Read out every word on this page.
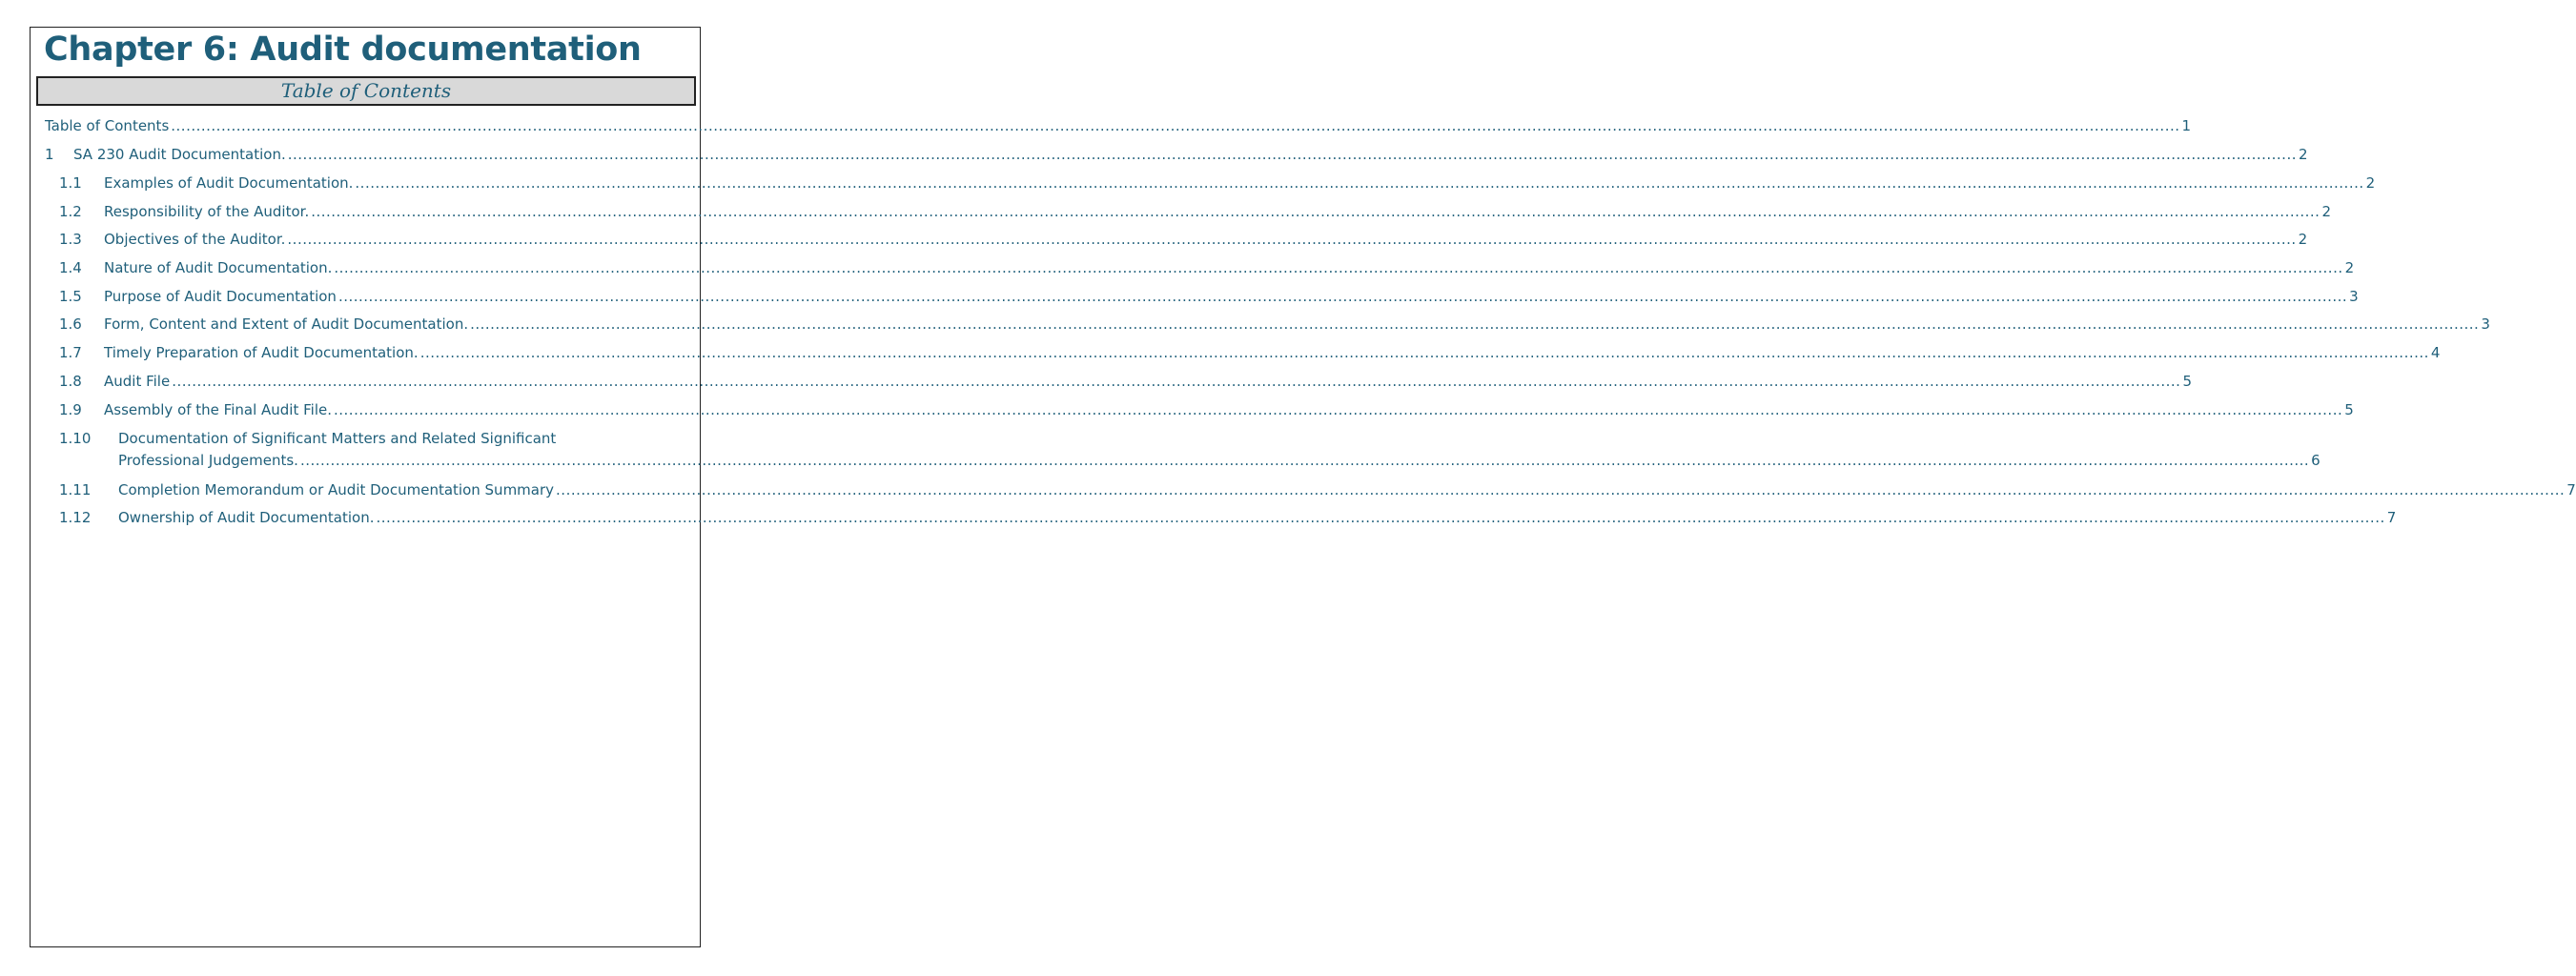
Chapter 6: Audit documentation
Table of Contents
Table of Contents ................................................................................................................................................................................................................................................................................................................................................................................................................ 1
1 SA 230 Audit Documentation. ................................................................................................................................................................................................................................................................................................................................................................................................................ 2
1.1 Examples of Audit Documentation. ................................................................................................................................................................................................................................................................................................................................................................................................................ 2
1.2 Responsibility of the Auditor. ................................................................................................................................................................................................................................................................................................................................................................................................................ 2
1.3 Objectives of the Auditor. ................................................................................................................................................................................................................................................................................................................................................................................................................ 2
1.4 Nature of Audit Documentation. ................................................................................................................................................................................................................................................................................................................................................................................................................ 2
1.5 Purpose of Audit Documentation ................................................................................................................................................................................................................................................................................................................................................................................................................ 3
1.6 Form, Content and Extent of Audit Documentation. ................................................................................................................................................................................................................................................................................................................................................................................................................ 3
1.7 Timely Preparation of Audit Documentation. ................................................................................................................................................................................................................................................................................................................................................................................................................ 4
1.8 Audit File ................................................................................................................................................................................................................................................................................................................................................................................................................ 5
1.9 Assembly of the Final Audit File. ................................................................................................................................................................................................................................................................................................................................................................................................................ 5
1.10 Documentation of Significant Matters and Related Significant
Professional Judgements. ................................................................................................................................................................................................................................................................................................................................................................................................................ 6
1.11 Completion Memorandum or Audit Documentation Summary ................................................................................................................................................................................................................................................................................................................................................................................................................ 7
1.12 Ownership of Audit Documentation. ................................................................................................................................................................................................................................................................................................................................................................................................................ 7
